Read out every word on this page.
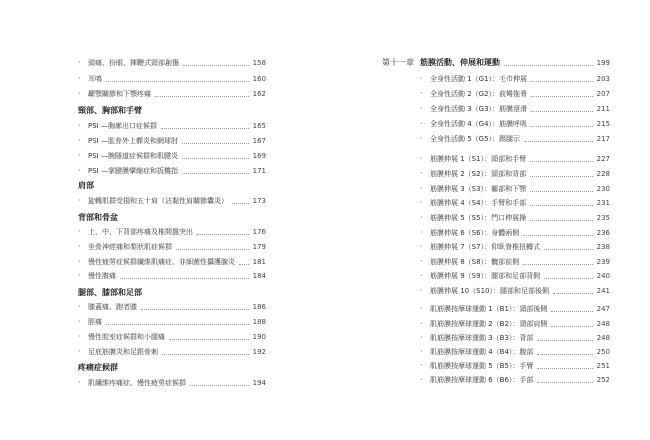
·	頭痛、扮眼、揮鞭式頸部創傷	158
·	耳鳴	160
·	顳顎關節和下顎疼痛	162
頸部、胸部和手臂
·	PSI —胸廓出口症候群	165
·	PSI —肱骨外上髁炎和網球肘	167
·	PSI —腕隧道症候群和肌腱炎	169
·	PSI —掌腱膜攣縮症和扳機指	171
肩部
·	旋轉肌群受損和五十肩（沾黏性肩關節囊炎）	173
背部和骨盆
·	上、中、下背部疼痛及椎間盤突出	176
·	坐骨神經痛和梨狀肌症候群	179
·	慢性疲勞症候群纖維肌痛症、非細菌性攝護腺炎	181
·	慢性腹痛	184
腿部、膝部和足部
·	膝蓋痛、跑者膝	186
·	脛痛	188
·	慢性腔室症候群和小腿痛	190
·	足底筋膜炎和足跟骨刺	192
疼痛症候群
·	肌纖維疼痛症、慢性疲勞症候群	194
第十一章 筋膜活動、伸展和運動	199
·	全身性活動 1（G1）：毛巾伸展	203
·	全身性活動 2（G2）：前彎拖脅	207
·	全身性活動 3（G3）：筋膜滾滑	211
·	全身性活動 4（G4）：筋膜呼吸	215
·	全身性活動 5（G5）：踢腿示	217
·	筋膜伸展 1（S1）：頸部和手臂	227
·	筋膜伸展 2（S2）：頸部和背部	228
·	筋膜伸展 3（S3）：軀部和下顎	230
·	筋膜伸展 4（S4）：手臂和手部	231
·	筋膜伸展 5（S5）：門口伸展操	235
·	筋膜伸展 6（S6）：身體兩側	236
·	筋膜伸展 7（S7）：仰臥脊椎扭轉式	238
·	筋膜伸展 8（S8）：髖部前側	239
·	筋膜伸展 9（S9）：腿部和足部背側	240
·	筋膜伸展 10（S10）：腿部和足部後側	241
·	肌筋膜按摩球運動 1（B1）：頸部後側	247
·	肌筋膜按摩球運動 2（B2）：頸部肩側	248
·	肌筋膜按摩球運動 3（B3）：背部	248
·	肌筋膜按摩球運動 4（B4）：腹部	250
·	肌筋膜按摩球運動 5（B5）：手臂	251
·	肌筋膜按摩球運動 6（B6）：手部	252
